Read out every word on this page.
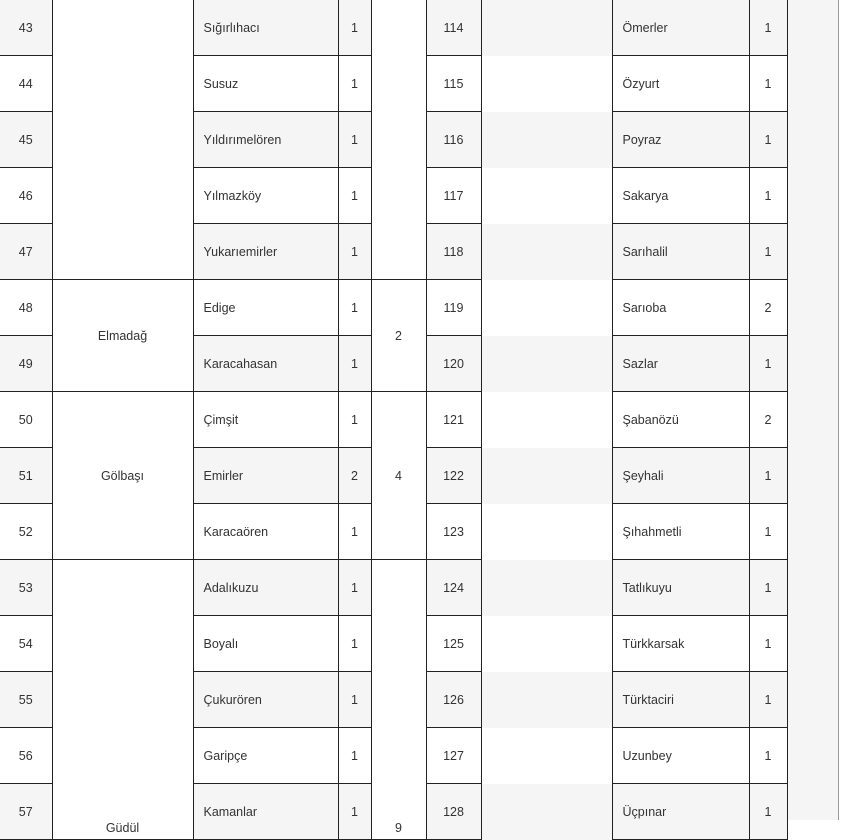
43		Sığırlıhacı	1		114		Ömerler	1
44		Susuz	1		115		Özyurt	1
45		Yıldırımelören	1		116		Poyraz	1
46		Yılmazköy	1		117		Sakarya	1
47		Yukarıemirler	1		118		Sarıhalil	1
48	Elmadağ	Edige	1	2	119		Sarıoba	2
49		Karacahasan	1		120		Sazlar	1
50	Gölbaşı	Çimşit	1	4	121		Şabanözü	2
51		Emirler	2		122		Şeyhali	1
52		Karacaören	1		123		Şıhahmetli	1
53	Güdül	Adalıkuzu	1	9	124		Tatlıkuyu	1
54		Boyalı	1		125		Türkkarsak	1
55		Çukurören	1		126		Türktaciri	1
56		Garipçe	1		127		Uzunbey	1
57		Kamanlar	1		128		Üçpınar	1
